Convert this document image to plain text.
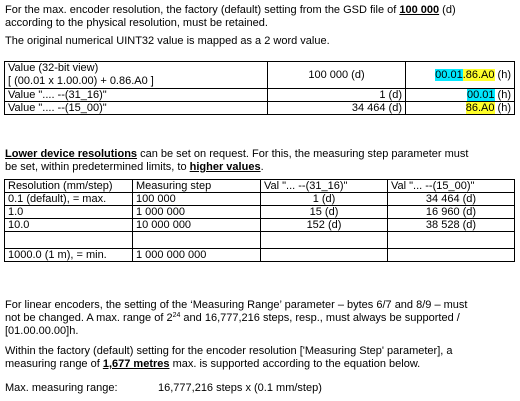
For the max. encoder resolution, the factory (default) setting from the GSD file of 100 000 (d)
according to the physical resolution, must be retained.
The original numerical UINT32 value is mapped as a 2 word value.
Value (32-bit view)
[ (00.01 x 1.00.00) + 0.86.A0 ]	100 000 (d)	00.01.86.A0 (h)
Value ".... --(31_16)"	1 (d)	00.01 (h)
Value ".... --(15_00)"	34 464 (d)	86.A0 (h)
Lower device resolutions can be set on request. For this, the measuring step parameter must
be set, within predetermined limits, to higher values.
Resolution (mm/step)	Measuring step	Val "... --(31_16)"	Val "... --(15_00)"
0.1 (default), = max.	100 000	1 (d)	34 464 (d)
1.0	1 000 000	15 (d)	16 960 (d)
10.0	10 000 000	152 (d)	38 528 (d)

1000.0 (1 m), = min.	1 000 000 000		
For linear encoders, the setting of the ‘Measuring Range’ parameter – bytes 6/7 and 8/9 – must
not be changed. A max. range of $2^{24}$ and 16,777,216 steps, resp., must always be supported /
[01.00.00.00]h.
Within the factory (default) setting for the encoder resolution ['Measuring Step' parameter], a
measuring range of 1,677 metres max. is supported according to the equation below.
Max. measuring range:	16,777,216 steps x (0.1 mm/step)
